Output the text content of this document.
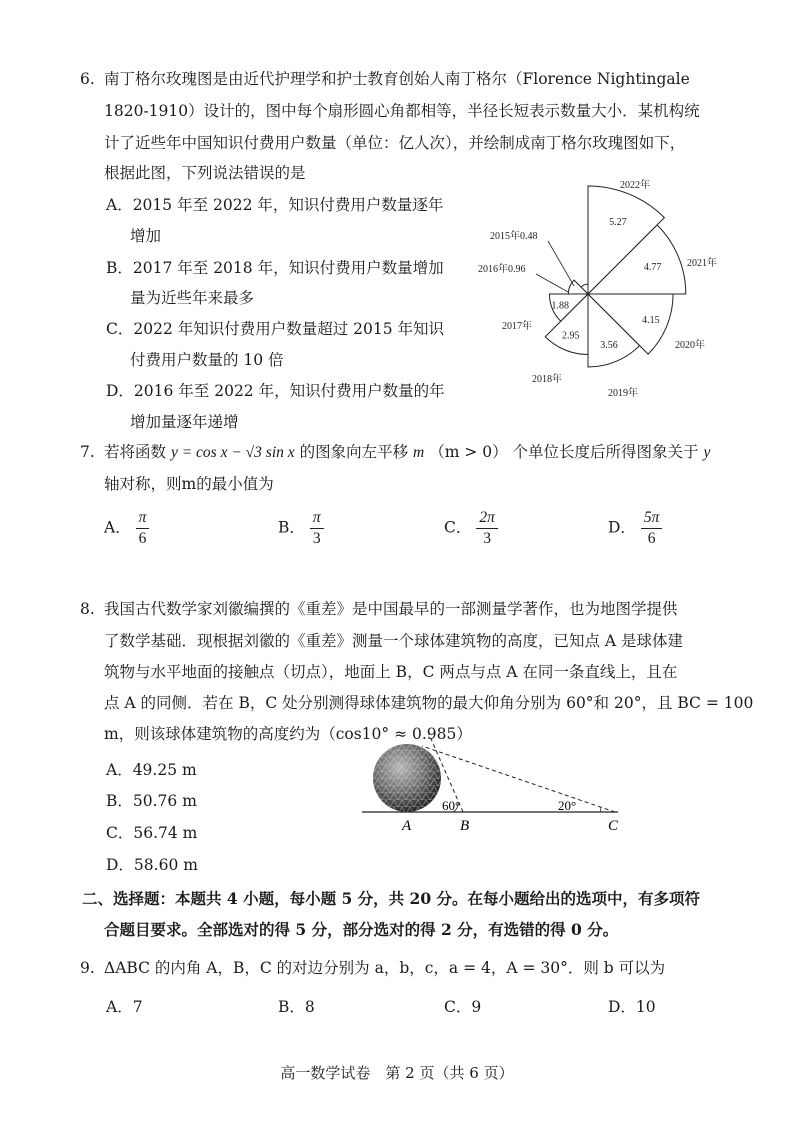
6. 南丁格尔玫瑰图是由近代护理学和护士教育创始人南丁格尔（Florence Nightingale
1820-1910）设计的，图中每个扇形圆心角都相等，半径长短表示数量大小．某机构统
计了近些年中国知识付费用户数量（单位：亿人次），并绘制成南丁格尔玫瑰图如下，
根据此图，下列说法错误的是
A．2015 年至 2022 年，知识付费用户数量逐年
增加
B．2017 年至 2018 年，知识付费用户数量增加
量为近些年来最多
C．2022 年知识付费用户数量超过 2015 年知识
付费用户数量的 10 倍
D．2016 年至 2022 年，知识付费用户数量的年
增加量逐年递增
1.88
2.95
3.56
4.15
4.77
5.27
2015年0.48
2016年0.96
2017年
2018年
2019年
2020年
2021年
2022年
7. 若将函数 y = cos x − √3 sin x 的图象向左平移 m （m > 0） 个单位长度后所得图象关于 y
轴对称，则m的最小值为
A． $\frac{\pi}{6}$	B． $\frac{\pi}{3}$	C． $\frac{2\pi}{3}$	D． $\frac{5\pi}{6}$
8. 我国古代数学家刘徽编撰的《重差》是中国最早的一部测量学著作，也为地图学提供
了数学基础．现根据刘徽的《重差》测量一个球体建筑物的高度，已知点 A 是球体建
筑物与水平地面的接触点（切点），地面上 B，C 两点与点 A 在同一条直线上，且在
点 A 的同侧．若在 B，C 处分别测得球体建筑物的最大仰角分别为 60°和 20°，且 BC = 100
m，则该球体建筑物的高度约为（cos10° ≈ 0.985）
A．49.25 m
B．50.76 m
C．56.74 m
D．58.60 m
60°	20°
A	B	C
二、选择题：本题共 4 小题，每小题 5 分，共 20 分。在每小题给出的选项中，有多项符
合题目要求。全部选对的得 5 分，部分选对的得 2 分，有选错的得 0 分。
9. ΔABC 的内角 A，B，C 的对边分别为 a，b，c，a = 4，A = 30°．则 b 可以为
A．7	B．8	C．9	D．10
高一数学试卷　第 2 页（共 6 页）
